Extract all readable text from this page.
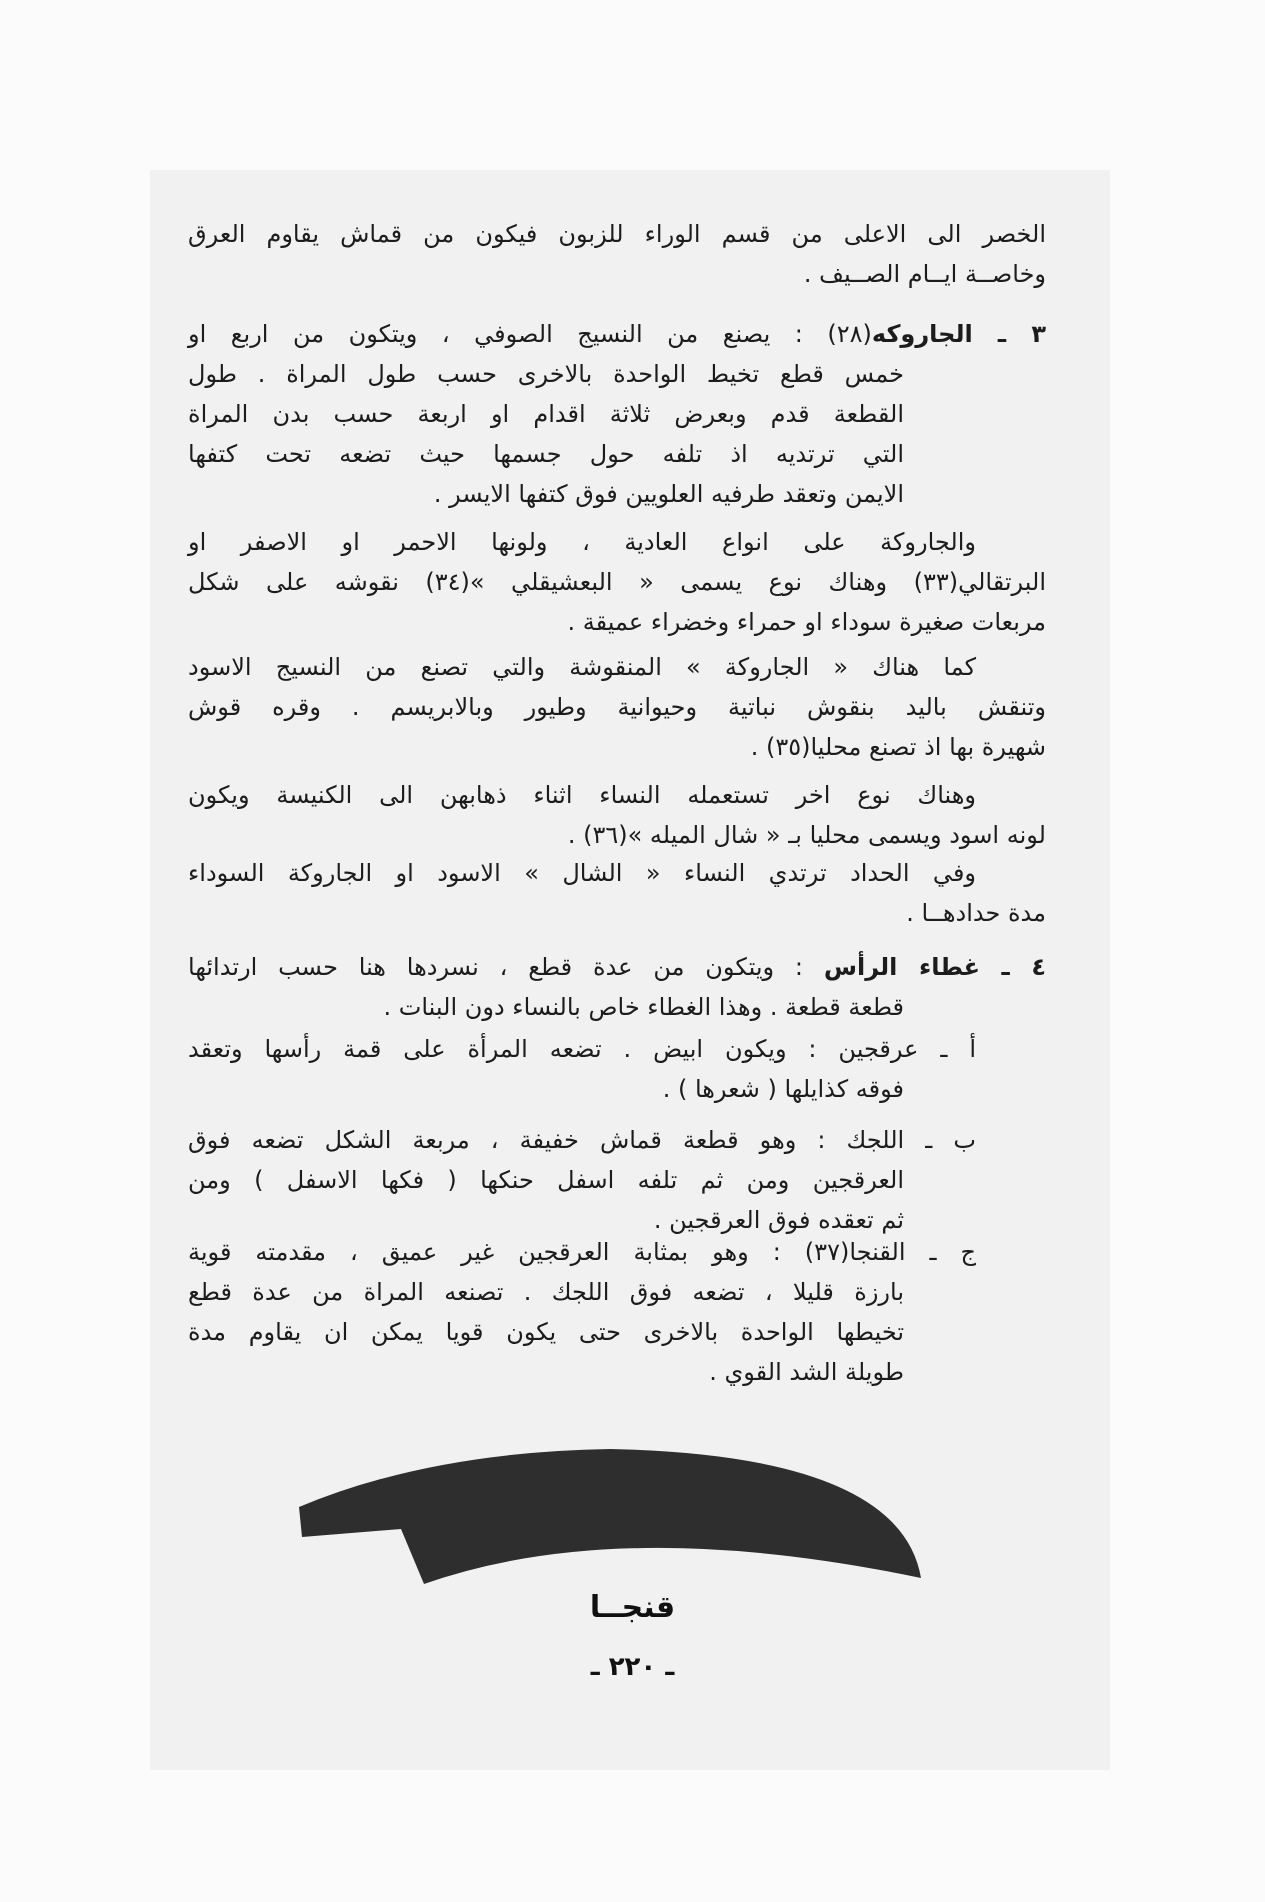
الخصر الى الاعلى من قسم الوراء للزبون فيكون من قماش يقاوم العرق
وخاصــة ايــام الصــيف .
٣ ـ الجاروكه(٢٨) : يصنع من النسيج الصوفي ، ويتكون من اربع او
خمس قطع تخيط الواحدة بالاخرى حسب طول المراة . طول
القطعة قدم وبعرض ثلاثة اقدام او اربعة حسب بدن المراة
التي ترتديه اذ تلفه حول جسمها حيث تضعه تحت كتفها
الايمن وتعقد طرفيه العلويين فوق كتفها الايسر .
والجاروكة على انواع العادية ، ولونها الاحمر او الاصفر او
البرتقالي(٣٣) وهناك نوع يسمى « البعشيقلي »(٣٤) نقوشه على شكل
مربعات صغيرة سوداء او حمراء وخضراء عميقة .
كما هناك « الجاروكة » المنقوشة والتي تصنع من النسيج الاسود
وتنقش باليد بنقوش نباتية وحيوانية وطيور وبالابريسم . وقره قوش
شهيرة بها اذ تصنع محليا(٣٥) .
وهناك نوع اخر تستعمله النساء اثناء ذهابهن الى الكنيسة ويكون
لونه اسود ويسمى محليا بـ « شال الميله »(٣٦) .
وفي الحداد ترتدي النساء « الشال » الاسود او الجاروكة السوداء
مدة حدادهــا .
٤ ـ غطاء الرأس : ويتكون من عدة قطع ، نسردها هنا حسب ارتدائها
قطعة قطعة . وهذا الغطاء خاص بالنساء دون البنات .
أ ـ عرقجين : ويكون ابيض . تضعه المرأة على قمة رأسها وتعقد
فوقه كذايلها ( شعرها ) .
ب ـ اللجك : وهو قطعة قماش خفيفة ، مربعة الشكل تضعه فوق
العرقجين ومن ثم تلفه اسفل حنكها ( فكها الاسفل ) ومن
ثم تعقده فوق العرقجين .
ج ـ القنجا(٣٧) : وهو بمثابة العرقجين غير عميق ، مقدمته قوية
بارزة قليلا ، تضعه فوق اللجك . تصنعه المراة من عدة قطع
تخيطها الواحدة بالاخرى حتى يكون قويا يمكن ان يقاوم مدة
طويلة الشد القوي .
قنجــا
ـ ٢٢٠ ـ
